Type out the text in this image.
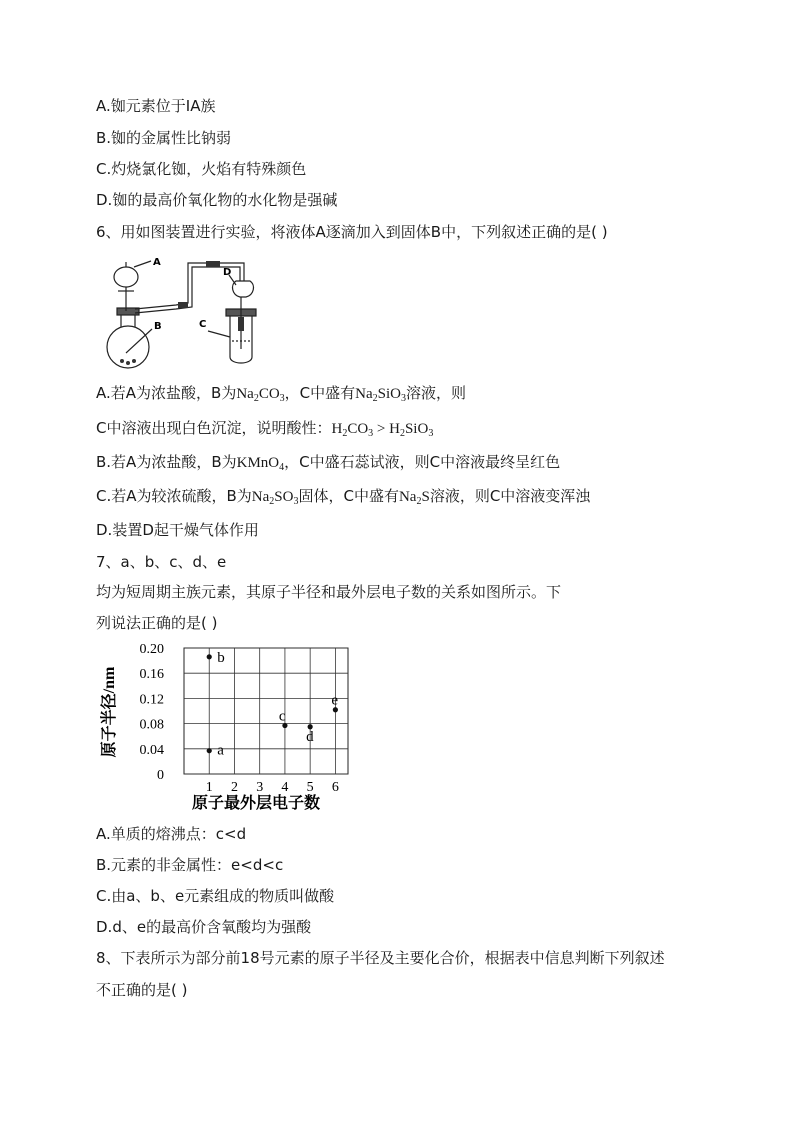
A.铷元素位于ⅠA族
B.铷的金属性比钠弱
C.灼烧氯化铷，火焰有特殊颜色
D.铷的最高价氧化物的水化物是强碱
6、用如图装置进行实验，将液体A逐滴加入到固体B中，下列叙述正确的是( )
A
B	C
D
A.若A为浓盐酸，B为$Na_2CO_3$，C中盛有$Na_2SiO_3$溶液，则
C中溶液出现白色沉淀，说明酸性：$H_2CO_3 > H_2SiO_3$
B.若A为浓盐酸，B为KMnO$_4$，C中盛石蕊试液，则C中溶液最终呈红色
C.若A为较浓硫酸，B为$Na_2SO_3$固体，C中盛有$Na_2S$溶液，则C中溶液变浑浊
D.装置D起干燥气体作用
7、a、b、c、d、e
均为短周期主族元素，其原子半径和最外层电子数的关系如图所示。下
列说法正确的是( )
0
0.04
0.08
0.12
0.16
0.20
1 2 3 4 5 6
a
b
c
d
e
原子半径/nm
原子最外层电子数
A.单质的熔沸点：c<d
B.元素的非金属性：e<d<c
C.由a、b、e元素组成的物质叫做酸
D.d、e的最高价含氧酸均为强酸
8、下表所示为部分前18号元素的原子半径及主要化合价，根据表中信息判断下列叙述
不正确的是( )
